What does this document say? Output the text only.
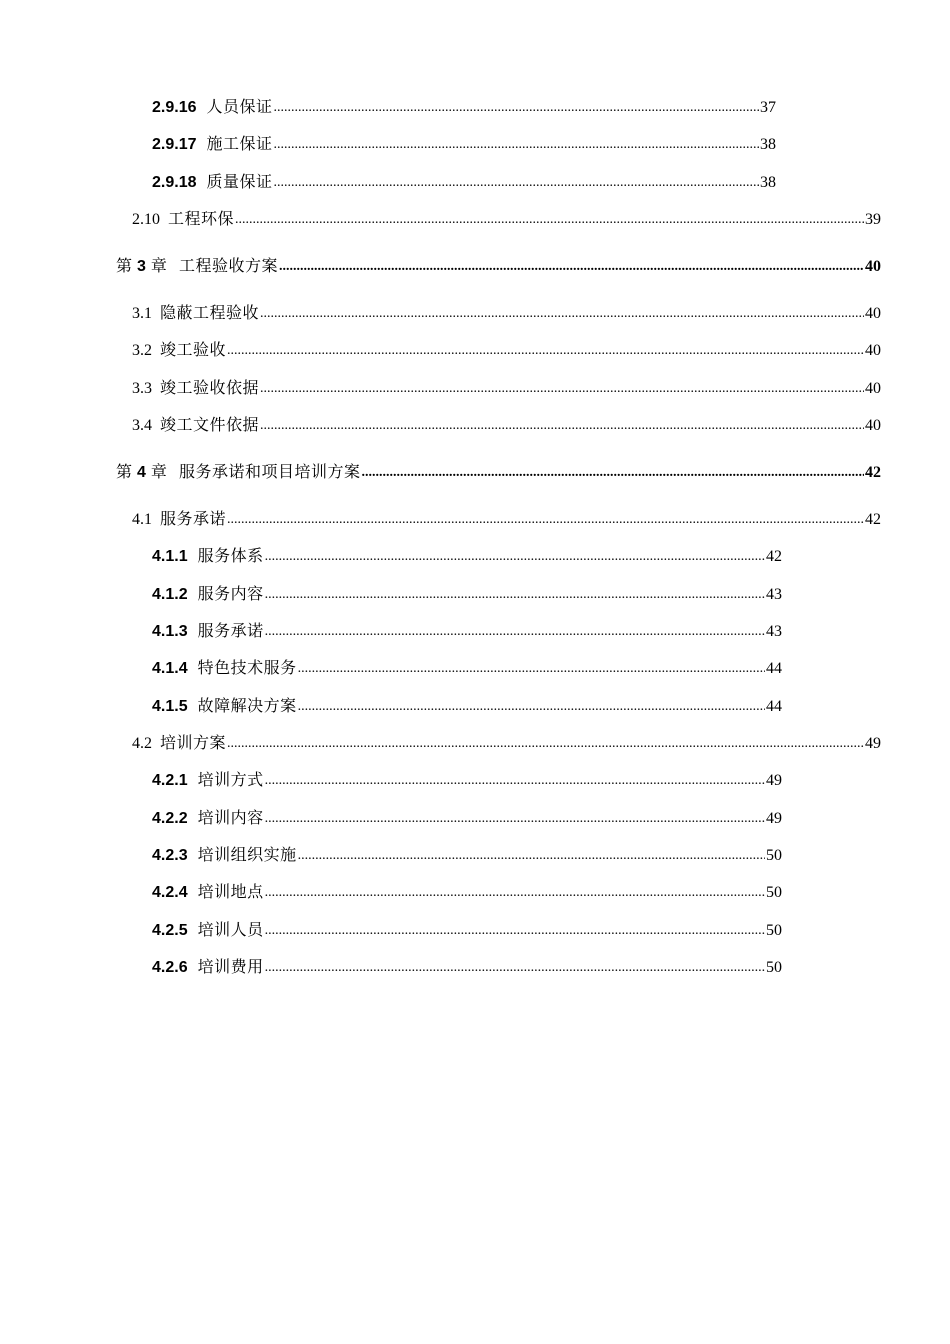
2.9.16 人员保证 .....	37
2.9.17 施工保证 .....	38
2.9.18 质量保证 .....	38
2.10 工程环保 .....	39
第 3 章 工程验收方案 .....	40
3.1 隐蔽工程验收 .....	40
3.2 竣工验收 .....	40
3.3 竣工验收依据 .....	40
3.4 竣工文件依据 .....	40
第 4 章 服务承诺和项目培训方案 .....	42
4.1 服务承诺 .....	42
4.1.1 服务体系 .....	42
4.1.2 服务内容 .....	43
4.1.3 服务承诺 .....	43
4.1.4 特色技术服务 .....	44
4.1.5 故障解决方案 .....	44
4.2 培训方案 .....	49
4.2.1 培训方式 .....	49
4.2.2 培训内容 .....	49
4.2.3 培训组织实施 .....	50
4.2.4 培训地点 .....	50
4.2.5 培训人员 .....	50
4.2.6 培训费用 .....	50
